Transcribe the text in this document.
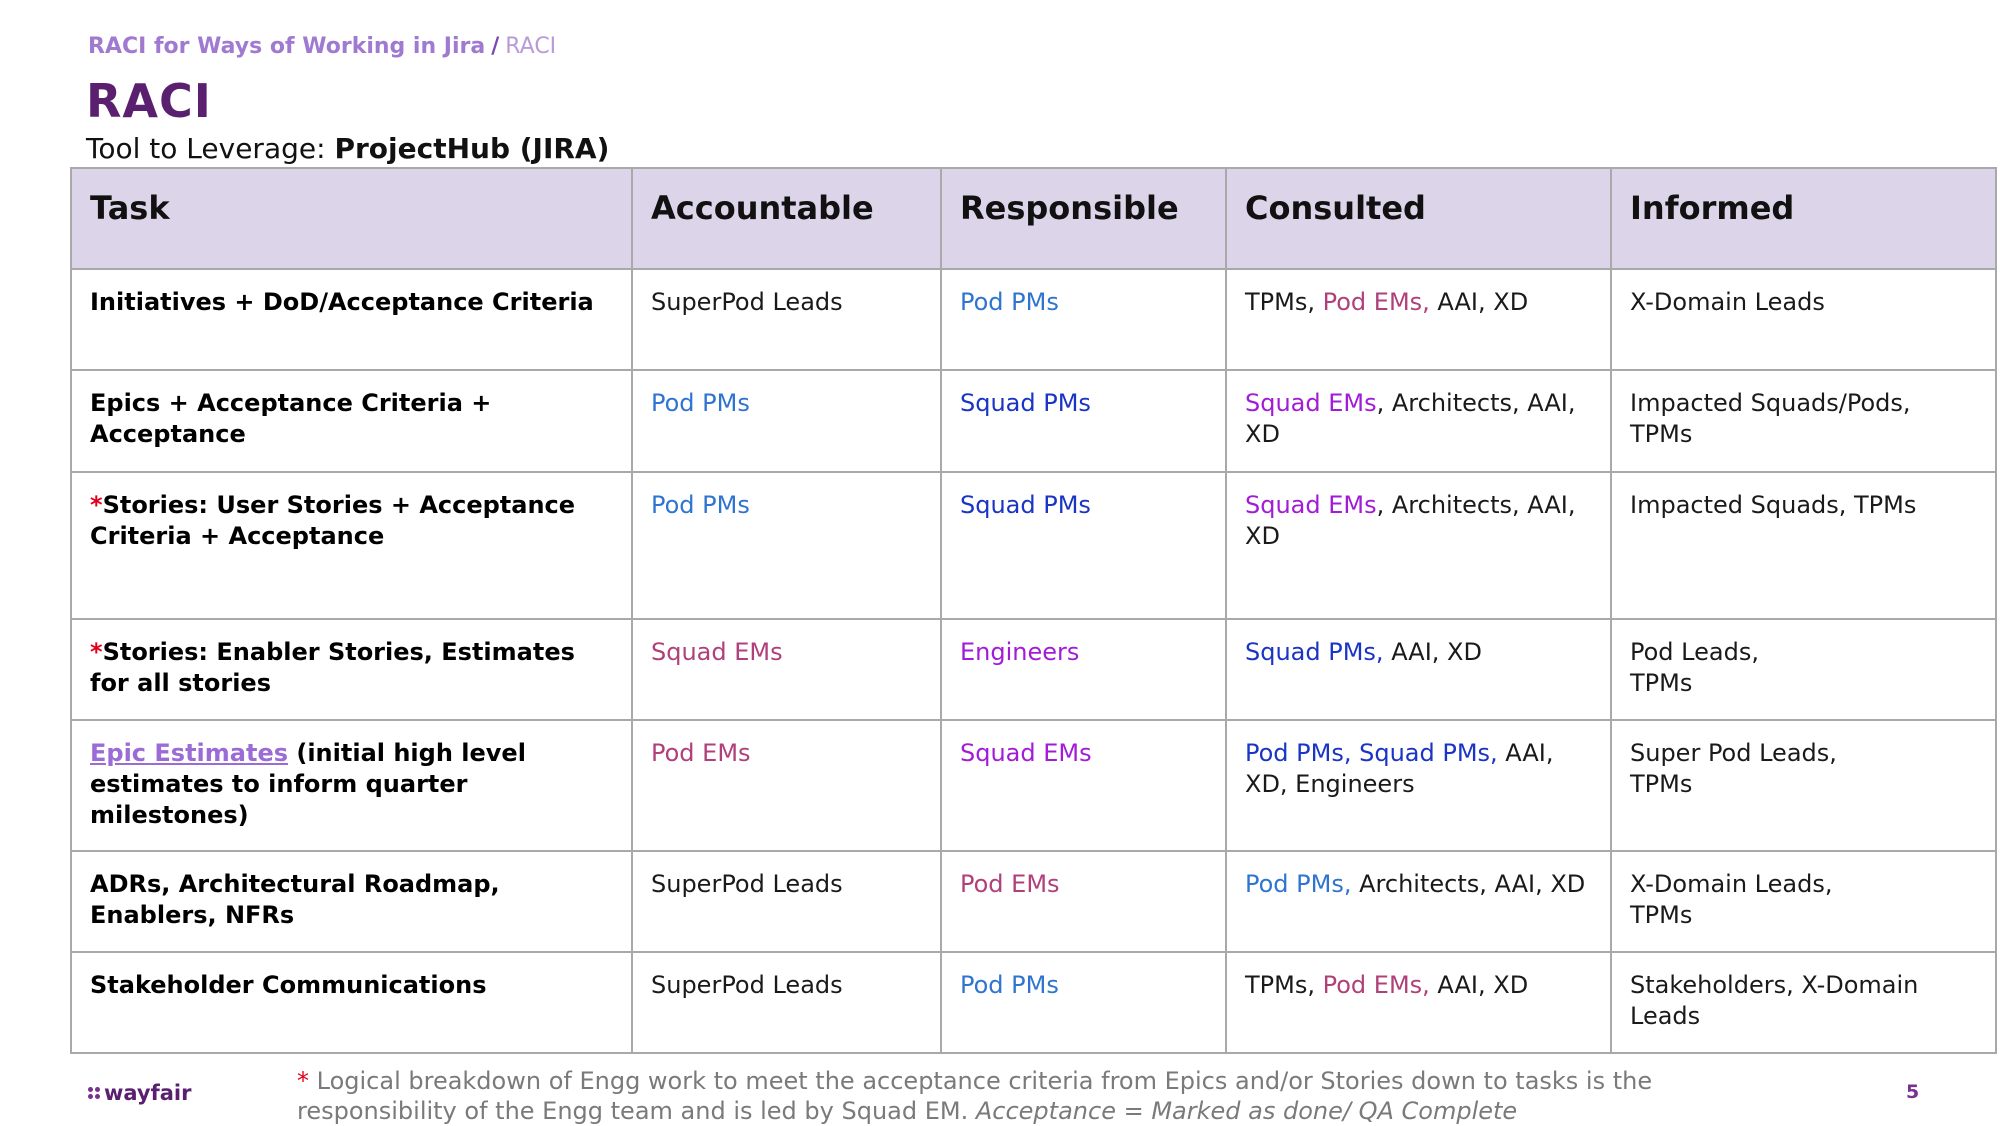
RACI for Ways of Working in Jira / RACI
RACI
Tool to Leverage: ProjectHub (JIRA)
Task	Accountable	Responsible	Consulted	Informed
Initiatives + DoD/Acceptance Criteria	SuperPod Leads	Pod PMs	TPMs, Pod EMs, AAI, XD	X-Domain Leads
Epics + Acceptance Criteria + Acceptance	Pod PMs	Squad PMs	Squad EMs, Architects, AAI, XD	Impacted Squads/Pods, TPMs
*Stories: User Stories + Acceptance Criteria + Acceptance	Pod PMs	Squad PMs	Squad EMs, Architects, AAI, XD	Impacted Squads, TPMs
*Stories: Enabler Stories, Estimates for all stories	Squad EMs	Engineers	Squad PMs, AAI, XD	Pod Leads,
TPMs

Epic Estimates (initial high level estimates to inform quarter milestones)	Pod EMs	Squad EMs	Pod PMs, Squad PMs, AAI, XD, Engineers	Super Pod Leads,
TPMs

ADRs, Architectural Roadmap, Enablers, NFRs	SuperPod Leads	Pod EMs	Pod PMs, Architects, AAI, XD	X-Domain Leads,
TPMs

Stakeholder Communications	SuperPod Leads	Pod PMs	TPMs, Pod EMs, AAI, XD	Stakeholders, X-Domain Leads
wayfair	* Logical breakdown of Engg work to meet the acceptance criteria from Epics and/or Stories down to tasks is the responsibility of the Engg team and is led by Squad EM. Acceptance = Marked as done/ QA Complete
5
